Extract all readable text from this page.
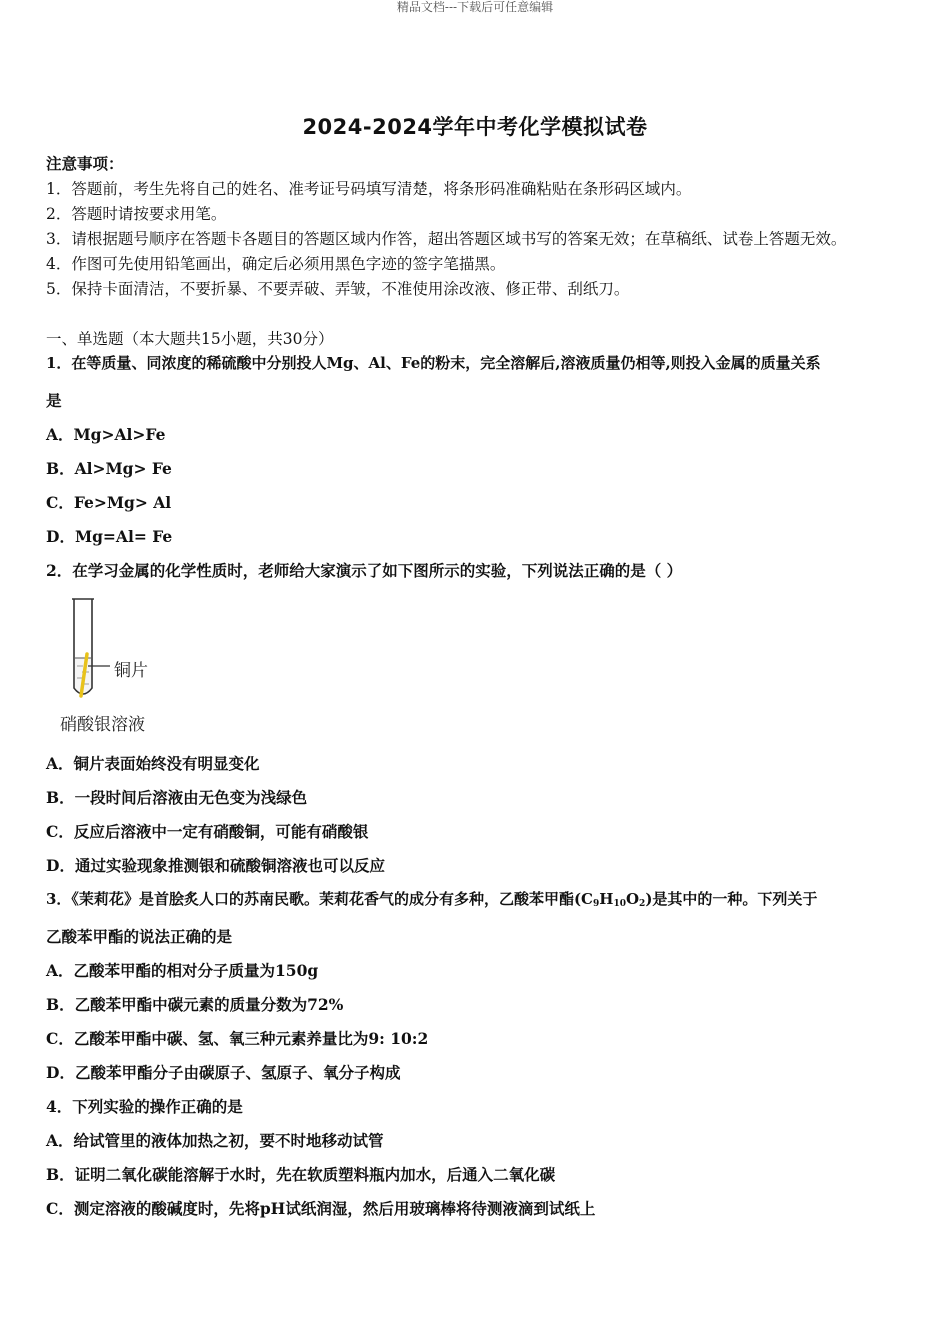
精品文档---下载后可任意编辑
2024-2024学年中考化学模拟试卷
注意事项：
1．答题前，考生先将自己的姓名、准考证号码填写清楚，将条形码准确粘贴在条形码区域内。
2．答题时请按要求用笔。
3．请根据题号顺序在答题卡各题目的答题区域内作答，超出答题区域书写的答案无效；在草稿纸、试卷上答题无效。
4．作图可先使用铅笔画出，确定后必须用黑色字迹的签字笔描黑。
5．保持卡面清洁，不要折暴、不要弄破、弄皱，不准使用涂改液、修正带、刮纸刀。
一、单选题（本大题共15小题，共30分）
1．在等质量、同浓度的稀硫酸中分别投人Mg、Al、Fe的粉末，完全溶解后,溶液质量仍相等,则投入金属的质量关系
是
A．Mg>Al>Fe
B．Al>Mg> Fe
C．Fe>Mg> Al
D．Mg=Al= Fe
2．在学习金属的化学性质时，老师给大家演示了如下图所示的实验，下列说法正确的是（ ）
铜片
硝酸银溶液
A．铜片表面始终没有明显变化
B．一段时间后溶液由无色变为浅绿色
C．反应后溶液中一定有硝酸铜，可能有硝酸银
D．通过实验现象推测银和硫酸铜溶液也可以反应
3．《茉莉花》是首脍炙人口的苏南民歌。茉莉花香气的成分有多种，乙酸苯甲酯$(C_9H_{10}O_2)$是其中的一种。下列关于
乙酸苯甲酯的说法正确的是
A．乙酸苯甲酯的相对分子质量为150g
B．乙酸苯甲酯中碳元素的质量分数为72%
C．乙酸苯甲酯中碳、氢、氧三种元素养量比为9: 10:2
D．乙酸苯甲酯分子由碳原子、氢原子、氧分子构成
4．下列实验的操作正确的是
A．给试管里的液体加热之初，要不时地移动试管
B．证明二氧化碳能溶解于水时，先在软质塑料瓶内加水，后通入二氧化碳
C．测定溶液的酸碱度时，先将pH试纸润湿，然后用玻璃棒将待测液滴到试纸上
